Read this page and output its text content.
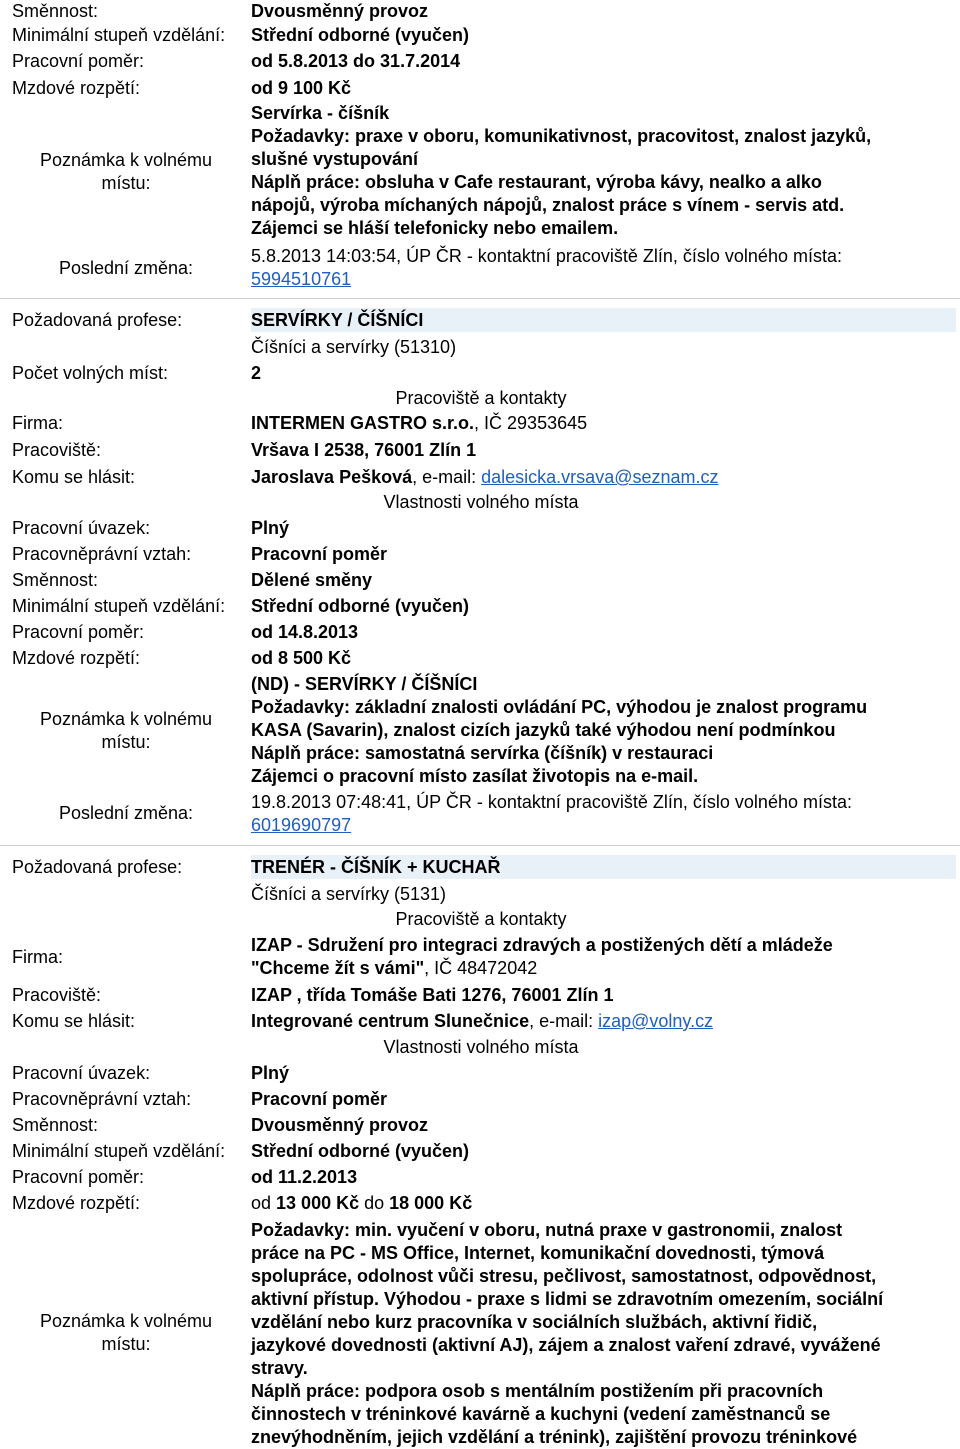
Směnnost:	Dvousměnný provoz
Minimální stupeň vzdělání: Střední odborné (vyučen)
Pracovní poměr:	od 5.8.2013 do 31.7.2014
Mzdové rozpětí:	od 9 100 Kč
Poznámka k volnému
místu:
Servírka - číšník
Požadavky: praxe v oboru, komunikativnost, pracovitost, znalost jazyků,
slušné vystupování
Náplň práce: obsluha v Cafe restaurant, výroba kávy, nealko a alko
nápojů, výroba míchaných nápojů, znalost práce s vínem - servis atd.
Zájemci se hláší telefonicky nebo emailem.
Poslední změna:
5.8.2013 14:03:54, ÚP ČR - kontaktní pracoviště Zlín, číslo volného místa:
5994510761
Požadovaná profese:	SERVÍRKY / ČÍŠNÍCI
Číšníci a servírky (51310)
Počet volných míst:	2
Pracoviště a kontakty
Firma:	INTERMEN GASTRO s.r.o., IČ 29353645
Pracoviště:	Vršava I 2538, 76001 Zlín 1
Komu se hlásit:	Jaroslava Pešková, e-mail: dalesicka.vrsava@seznam.cz
Vlastnosti volného místa
Pracovní úvazek:	Plný
Pracovněprávní vztah:	Pracovní poměr
Směnnost:	Dělené směny
Minimální stupeň vzdělání: Střední odborné (vyučen)
Pracovní poměr:	od 14.8.2013
Mzdové rozpětí:	od 8 500 Kč
Poznámka k volnému
místu:
(ND) - SERVÍRKY / ČÍŠNÍCI
Požadavky: základní znalosti ovládání PC, výhodou je znalost programu
KASA (Savarin), znalost cizích jazyků také výhodou není podmínkou
Náplň práce: samostatná servírka (číšník) v restauraci
Zájemci o pracovní místo zasílat životopis na e-mail.
Poslední změna:
19.8.2013 07:48:41, ÚP ČR - kontaktní pracoviště Zlín, číslo volného místa:
6019690797
Požadovaná profese:	TRENÉR - ČÍŠNÍK + KUCHAŘ
Číšníci a servírky (5131)
Pracoviště a kontakty
Firma:
IZAP - Sdružení pro integraci zdravých a postižených dětí a mládeže
"Chceme žít s vámi", IČ 48472042
Pracoviště:	IZAP , třída Tomáše Bati 1276, 76001 Zlín 1
Komu se hlásit:	Integrované centrum Slunečnice, e-mail: izap@volny.cz
Vlastnosti volného místa
Pracovní úvazek:	Plný
Pracovněprávní vztah:	Pracovní poměr
Směnnost:	Dvousměnný provoz
Minimální stupeň vzdělání: Střední odborné (vyučen)
Pracovní poměr:	od 11.2.2013
Mzdové rozpětí:	od 13 000 Kč do 18 000 Kč
Poznámka k volnému
místu:
Požadavky: min. vyučení v oboru, nutná praxe v gastronomii, znalost
práce na PC - MS Office, Internet, komunikační dovednosti, týmová
spolupráce, odolnost vůči stresu, pečlivost, samostatnost, odpovědnost,
aktivní přístup. Výhodou - praxe s lidmi se zdravotním omezením, sociální
vzdělání nebo kurz pracovníka v sociálních službách, aktivní řidič,
jazykové dovednosti (aktivní AJ), zájem a znalost vaření zdravé, vyvážené
stravy.
Náplň práce: podpora osob s mentálním postižením při pracovních
činnostech v tréninkové kavárně a kuchyni (vedení zaměstnanců se
znevýhodněním, jejich vzdělání a trénink), zajištění provozu tréninkové
